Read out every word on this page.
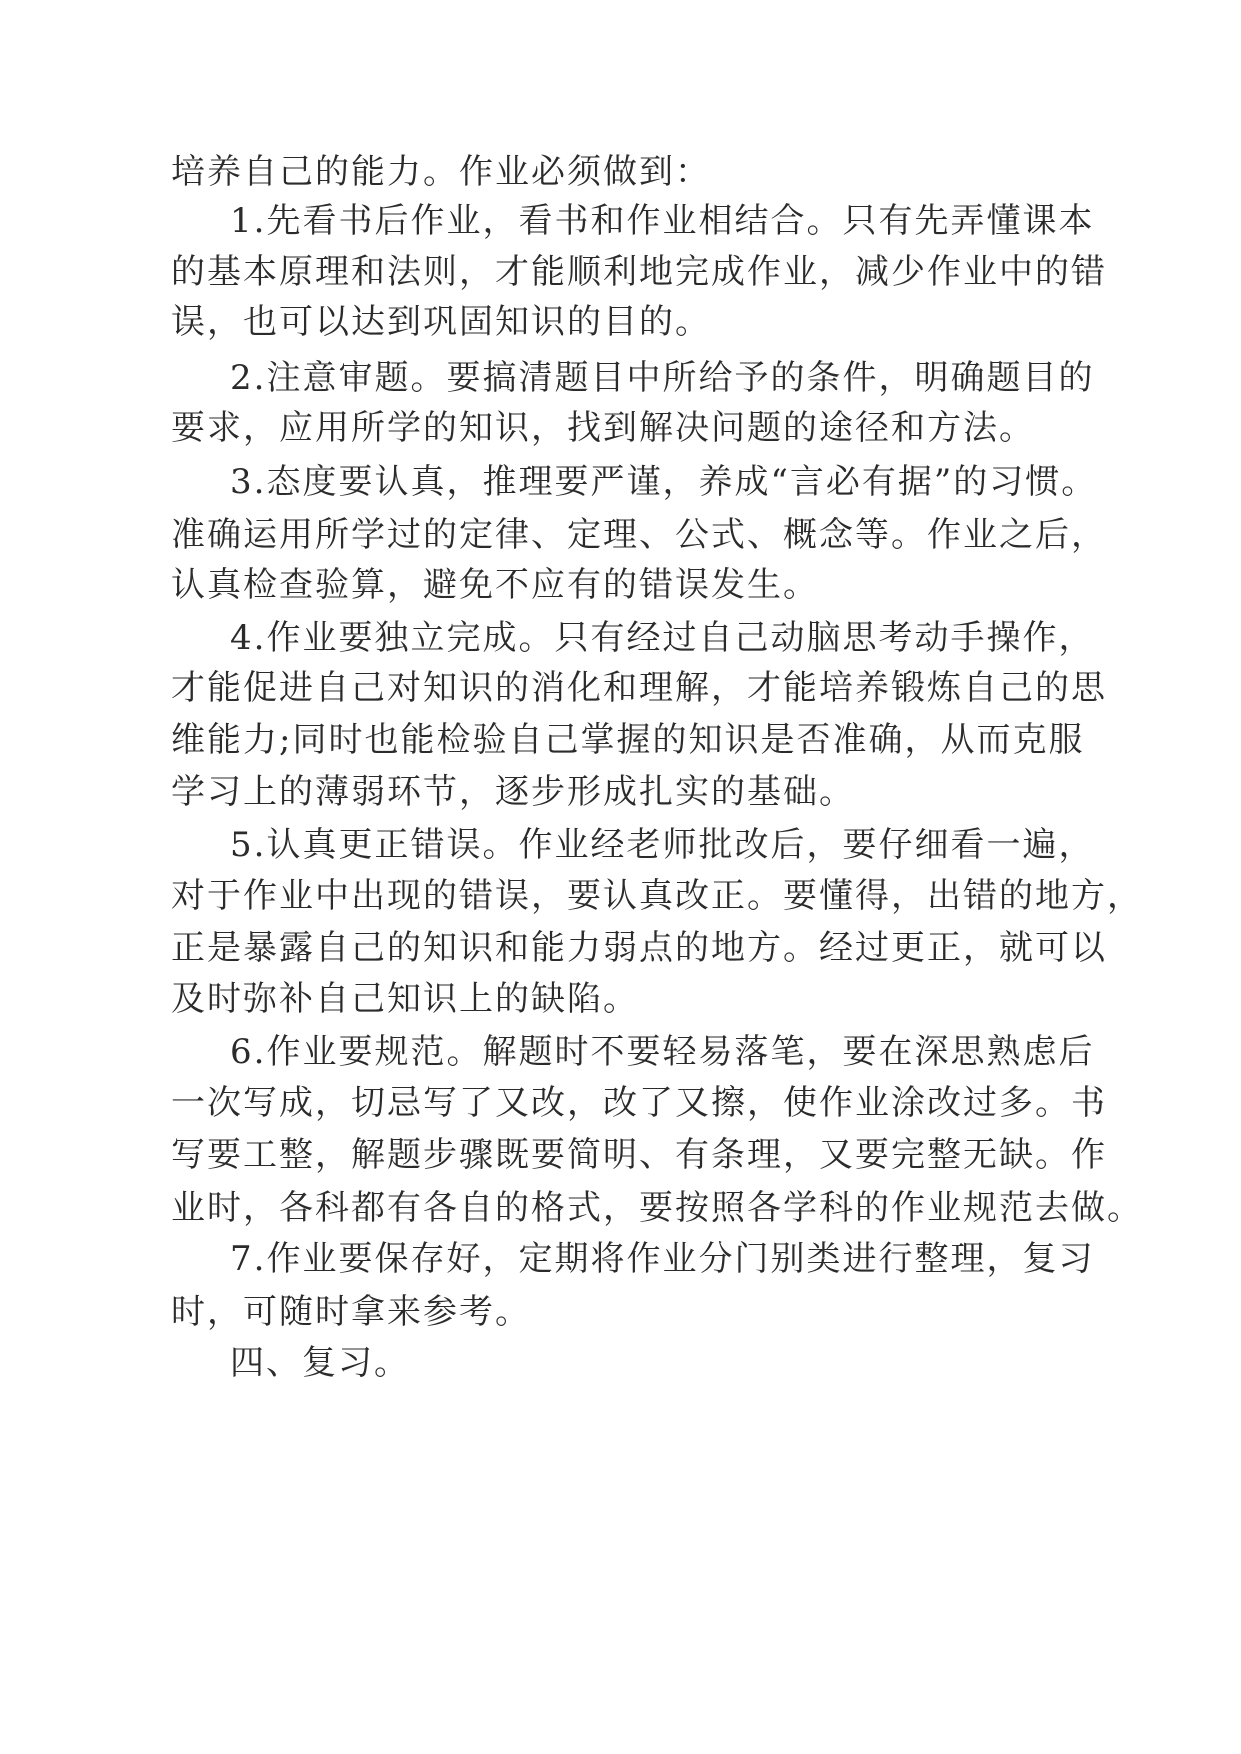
培养自己的能力。作业必须做到：
1.先看书后作业，看书和作业相结合。只有先弄懂课本
的基本原理和法则，才能顺利地完成作业，减少作业中的错
误，也可以达到巩固知识的目的。
2.注意审题。要搞清题目中所给予的条件，明确题目的
要求，应用所学的知识，找到解决问题的途径和方法。
3.态度要认真，推理要严谨，养成“言必有据”的习惯。
准确运用所学过的定律、定理、公式、概念等。作业之后，
认真检查验算，避免不应有的错误发生。
4.作业要独立完成。只有经过自己动脑思考动手操作，
才能促进自己对知识的消化和理解，才能培养锻炼自己的思
维能力;同时也能检验自己掌握的知识是否准确，从而克服
学习上的薄弱环节，逐步形成扎实的基础。
5.认真更正错误。作业经老师批改后，要仔细看一遍，
对于作业中出现的错误，要认真改正。要懂得，出错的地方，
正是暴露自己的知识和能力弱点的地方。经过更正，就可以
及时弥补自己知识上的缺陷。
6.作业要规范。解题时不要轻易落笔，要在深思熟虑后
一次写成，切忌写了又改，改了又擦，使作业涂改过多。书
写要工整，解题步骤既要简明、有条理，又要完整无缺。作
业时，各科都有各自的格式，要按照各学科的作业规范去做。
7.作业要保存好，定期将作业分门别类进行整理，复习
时，可随时拿来参考。
四、复习。
